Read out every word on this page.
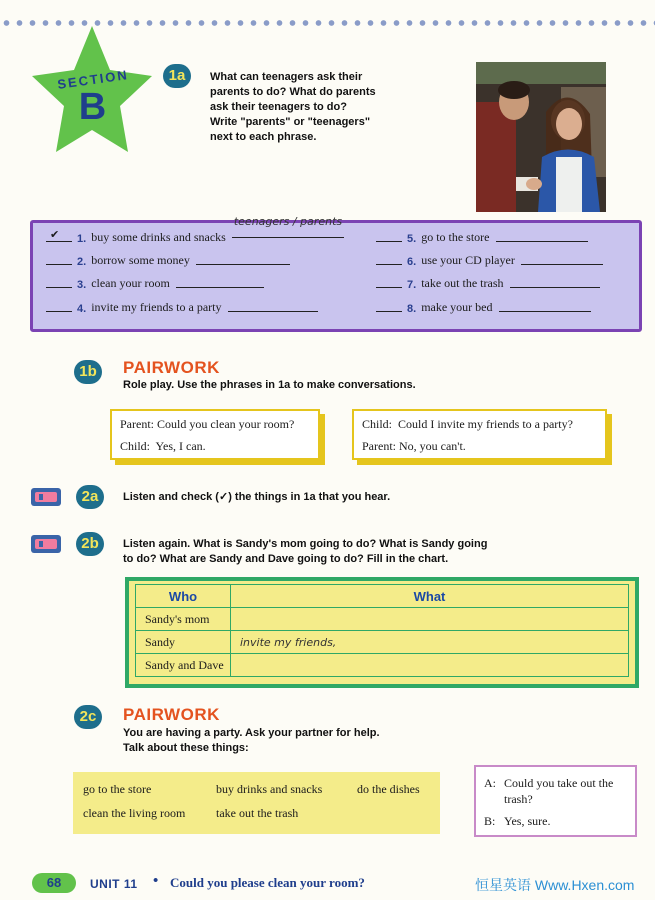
SECTION
B
1a	What can teenagers ask their
parents to do? What do parents
ask their teenagers to do?
Write "parents" or "teenagers"
next to each phrase.
✔ 1. buy some drinks and snacks
teenagers / parents
2. borrow some money
3. clean your room
4. invite my friends to a party
5. go to the store
6. use your CD player
7. take out the trash
8. make your bed
1b	PAIRWORK
Role play. Use the phrases in 1a to make conversations.
Parent: Could you clean your room?
Child:  Yes, I can.
Child:  Could I invite my friends to a party?
Parent: No, you can't.
2a	Listen and check (✓) the things in 1a that you hear.
2b	Listen again. What is Sandy's mom going to do? What is Sandy going
to do? What are Sandy and Dave going to do? Fill in the chart.
Who	What
Sandy's mom	
Sandy	invite my friends,
Sandy and Dave	
2c	PAIRWORK
You are having a party. Ask your partner for help.
Talk about these things:
go to the store	buy drinks and snacks	do the dishes
clean the living room	take out the trash
A: Could you take out the
trash?
B: Yes, sure.
68	UNIT 11 • Could you please clean your room?	恒星英语 Www.Hxen.com
